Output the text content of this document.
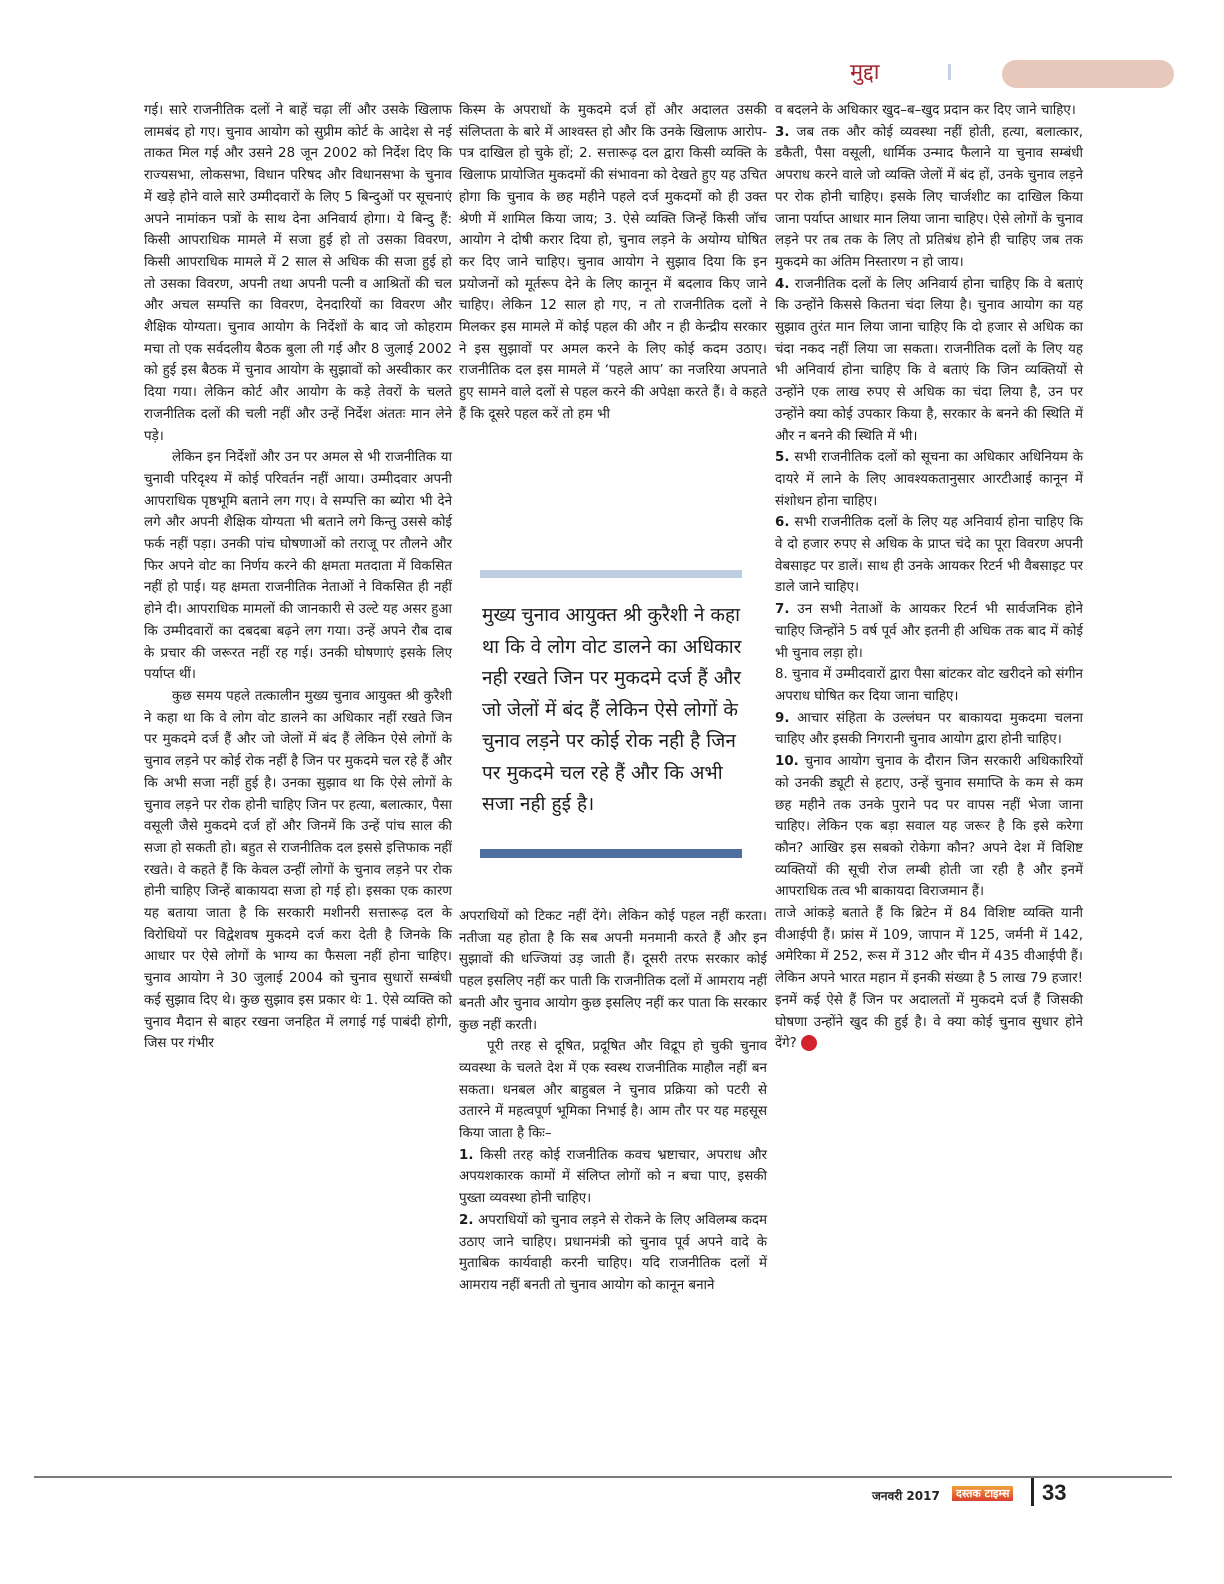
मुद्दा

गई। सारे राजनीतिक दलों ने बाहें चढ़ा लीं और उसके खिलाफ लामबंद हो गए। चुनाव आयोग को सुप्रीम कोर्ट के आदेश से नई ताकत मिल गई और उसने 28 जून 2002 को निर्देश दिए कि राज्यसभा, लोकसभा, विधान परिषद और विधानसभा के चुनाव में खड़े होने वाले सारे उम्मीदवारों के लिए 5 बिन्दुओं पर सूचनाएं अपने नामांकन पत्रों के साथ देना अनिवार्य होगा। ये बिन्दु हैं: किसी आपराधिक मामले में सजा हुई हो तो उसका विवरण, किसी आपराधिक मामले में 2 साल से अधिक की सजा हुई हो तो उसका विवरण, अपनी तथा अपनी पत्नी व आश्रितों की चल और अचल सम्पत्ति का विवरण, देनदारियों का विवरण और शैक्षिक योग्यता। चुनाव आयोग के निर्देशों के बाद जो कोहराम मचा तो एक सर्वदलीय बैठक बुला ली गई और 8 जुलाई 2002 को हुई इस बैठक में चुनाव आयोग के सुझावों को अस्वीकार कर दिया गया। लेकिन कोर्ट और आयोग के कड़े तेवरों के चलते राजनीतिक दलों की चली नहीं और उन्हें निर्देश अंततः मान लेने पड़े।

लेकिन इन निर्देशों और उन पर अमल से भी राजनीतिक या चुनावी परिदृश्य में कोई परिवर्तन नहीं आया। उम्मीदवार अपनी आपराधिक पृष्ठभूमि बताने लग गए। वे सम्पत्ति का ब्योरा भी देने लगे और अपनी शैक्षिक योग्यता भी बताने लगे किन्तु उससे कोई फर्क नहीं पड़ा। उनकी पांच घोषणाओं को तराजू पर तौलने और फिर अपने वोट का निर्णय करने की क्षमता मतदाता में विकसित नहीं हो पाई। यह क्षमता राजनीतिक नेताओं ने विकसित ही नहीं होने दी। आपराधिक मामलों की जानकारी से उल्टे यह असर हुआ कि उम्मीदवारों का दबदबा बढ़ने लग गया। उन्हें अपने रौब दाब के प्रचार की जरूरत नहीं रह गई। उनकी घोषणाएं इसके लिए पर्याप्त थीं।

कुछ समय पहले तत्कालीन मुख्य चुनाव आयुक्त श्री कुरैशी ने कहा था कि वे लोग वोट डालने का अधिकार नहीं रखते जिन पर मुकदमे दर्ज हैं और जो जेलों में बंद हैं लेकिन ऐसे लोगों के चुनाव लड़ने पर कोई रोक नहीं है जिन पर मुकदमे चल रहे हैं और कि अभी सजा नहीं हुई है। उनका सुझाव था कि ऐसे लोगों के चुनाव लड़ने पर रोक होनी चाहिए जिन पर हत्या, बलात्कार, पैसा वसूली जैसे मुकदमे दर्ज हों और जिनमें कि उन्हें पांच साल की सजा हो सकती हो। बहुत से राजनीतिक दल इससे इत्तिफाक नहीं रखते। वे कहते हैं कि केवल उन्हीं लोगों के चुनाव लड़ने पर रोक होनी चाहिए जिन्हें बाकायदा सजा हो गई हो। इसका एक कारण यह बताया जाता है कि सरकारी मशीनरी सत्तारूढ़ दल के विरोधियों पर विद्वेशवष मुकदमे दर्ज करा देती है जिनके कि आधार पर ऐसे लोगों के भाग्य का फैसला नहीं होना चाहिए। चुनाव आयोग ने 30 जुलाई 2004 को चुनाव सुधारों सम्बंधी कई सुझाव दिए थे। कुछ सुझाव इस प्रकार थेः 1. ऐसे व्यक्ति को चुनाव मैदान से बाहर रखना जनहित में लगाई गई पाबंदी होगी, जिस पर गंभीर

किस्म के अपराधों के मुकदमे दर्ज हों और अदालत उसकी संलिप्तता के बारे में आश्वस्त हो और कि उनके खिलाफ आरोप-पत्र दाखिल हो चुके हों; 2. सत्तारूढ़ दल द्वारा किसी व्यक्ति के खिलाफ प्रायोजित मुकदमों की संभावना को देखते हुए यह उचित होगा कि चुनाव के छह महीने पहले दर्ज मुकदमों को ही उक्त श्रेणी में शामिल किया जाय; 3. ऐसे व्यक्ति जिन्हें किसी जॉच आयोग ने दोषी करार दिया हो, चुनाव लड़ने के अयोग्य घोषित कर दिए जाने चाहिए। चुनाव आयोग ने सुझाव दिया कि इन प्रयोजनों को मूर्तरूप देने के लिए कानून में बदलाव किए जाने चाहिए। लेकिन 12 साल हो गए, न तो राजनीतिक दलों ने मिलकर इस मामले में कोई पहल की और न ही केन्द्रीय सरकार ने इस सुझावों पर अमल करने के लिए कोई कदम उठाए। राजनीतिक दल इस मामले में ‘पहले आप’ का नजरिया अपनाते हुए सामने वाले दलों से पहल करने की अपेक्षा करते हैं। वे कहते हैं कि दूसरे पहल करें तो हम भी

मुख्य चुनाव आयुक्त श्री कुरैशी ने कहा था कि वे लोग वोट डालने का अधिकार नही रखते जिन पर मुकदमे दर्ज हैं और जो जेलों में बंद हैं लेकिन ऐसे लोगों के चुनाव लड़ने पर कोई रोक नही है जिन पर मुकदमे चल रहे हैं और कि अभी सजा नही हुई है।

अपराधियों को टिकट नहीं देंगे। लेकिन कोई पहल नहीं करता। नतीजा यह होता है कि सब अपनी मनमानी करते हैं और इन सुझावों की धज्जियां उड़ जाती हैं। दूसरी तरफ सरकार कोई पहल इसलिए नहीं कर पाती कि राजनीतिक दलों में आमराय नहीं बनती और चुनाव आयोग कुछ इसलिए नहीं कर पाता कि सरकार कुछ नहीं करती।

पूरी तरह से दूषित, प्रदूषित और विद्रूप हो चुकी चुनाव व्यवस्था के चलते देश में एक स्वस्थ राजनीतिक माहौल नहीं बन सकता। धनबल और बाहुबल ने चुनाव प्रक्रिया को पटरी से उतारने में महत्वपूर्ण भूमिका निभाई है। आम तौर पर यह महसूस किया जाता है किः–

1. किसी तरह कोई राजनीतिक कवच भ्रष्टाचार, अपराध और अपयशकारक कामों में संलिप्त लोगों को न बचा पाए, इसकी पुख्ता व्यवस्था होनी चाहिए।

2. अपराधियों को चुनाव लड़ने से रोकने के लिए अविलम्ब कदम उठाए जाने चाहिए। प्रधानमंत्री को चुनाव पूर्व अपने वादे के मुताबिक कार्यवाही करनी चाहिए। यदि राजनीतिक दलों में आमराय नहीं बनती तो चुनाव आयोग को कानून बनाने

व बदलने के अधिकार खुद–ब–खुद प्रदान कर दिए जाने चाहिए।

3. जब तक और कोई व्यवस्था नहीं होती, हत्या, बलात्कार, डकैती, पैसा वसूली, धार्मिक उन्माद फैलाने या चुनाव सम्बंधी अपराध करने वाले जो व्यक्ति जेलों में बंद हों, उनके चुनाव लड़ने पर रोक होनी चाहिए। इसके लिए चार्जशीट का दाखिल किया जाना पर्याप्त आधार मान लिया जाना चाहिए। ऐसे लोगों के चुनाव लड़ने पर तब तक के लिए तो प्रतिबंध होने ही चाहिए जब तक मुकदमे का अंतिम निस्तारण न हो जाय।

4. राजनीतिक दलों के लिए अनिवार्य होना चाहिए कि वे बताएं कि उन्होंने किससे कितना चंदा लिया है। चुनाव आयोग का यह सुझाव तुरंत मान लिया जाना चाहिए कि दो हजार से अधिक का चंदा नकद नहीं लिया जा सकता। राजनीतिक दलों के लिए यह भी अनिवार्य होना चाहिए कि वे बताएं कि जिन व्यक्तियों से उन्होंने एक लाख रुपए से अधिक का चंदा लिया है, उन पर उन्होंने क्या कोई उपकार किया है, सरकार के बनने की स्थिति में और न बनने की स्थिति में भी।

5. सभी राजनीतिक दलों को सूचना का अधिकार अधिनियम के दायरे में लाने के लिए आवश्यकतानुसार आरटीआई कानून में संशोधन होना चाहिए।

6. सभी राजनीतिक दलों के लिए यह अनिवार्य होना चाहिए कि वे दो हजार रुपए से अधिक के प्राप्त चंदे का पूरा विवरण अपनी वेबसाइट पर डालें। साथ ही उनके आयकर रिटर्न भी वैबसाइट पर डाले जाने चाहिए।

7. उन सभी नेताओं के आयकर रिटर्न भी सार्वजनिक होने चाहिए जिन्होंने 5 वर्ष पूर्व और इतनी ही अधिक तक बाद में कोई भी चुनाव लड़ा हो।

8. चुनाव में उम्मीदवारों द्वारा पैसा बांटकर वोट खरीदने को संगीन अपराध घोषित कर दिया जाना चाहिए।

9. आचार संहिता के उल्लंघन पर बाकायदा मुकदमा चलना चाहिए और इसकी निगरानी चुनाव आयोग द्वारा होनी चाहिए।

10. चुनाव आयोग चुनाव के दौरान जिन सरकारी अधिकारियों को उनकी ड्यूटी से हटाए, उन्हें चुनाव समाप्ति के कम से कम छह महीने तक उनके पुराने पद पर वापस नहीं भेजा जाना चाहिए। लेकिन एक बड़ा सवाल यह जरूर है कि इसे करेगा कौन? आखिर इस सबको रोकेगा कौन? अपने देश में विशिष्ट व्यक्तियों की सूची रोज लम्बी होती जा रही है और इनमें आपराधिक तत्व भी बाकायदा विराजमान हैं।

ताजे आंकड़े बताते हैं कि ब्रिटेन में 84 विशिष्ट व्यक्ति यानी वीआईपी हैं। फ्रांस में 109, जापान में 125, जर्मनी में 142, अमेरिका में 252, रूस में 312 और चीन में 435 वीआईपी हैं। लेकिन अपने भारत महान में इनकी संख्या है 5 लाख 79 हजार! इनमें कई ऐसे हैं जिन पर अदालतों में मुकदमे दर्ज हैं जिसकी घोषणा उन्होंने खुद की हुई है। वे क्या कोई चुनाव सुधार होने देंगे?

जनवरी 2017	दस्तक टाइम्स 33
